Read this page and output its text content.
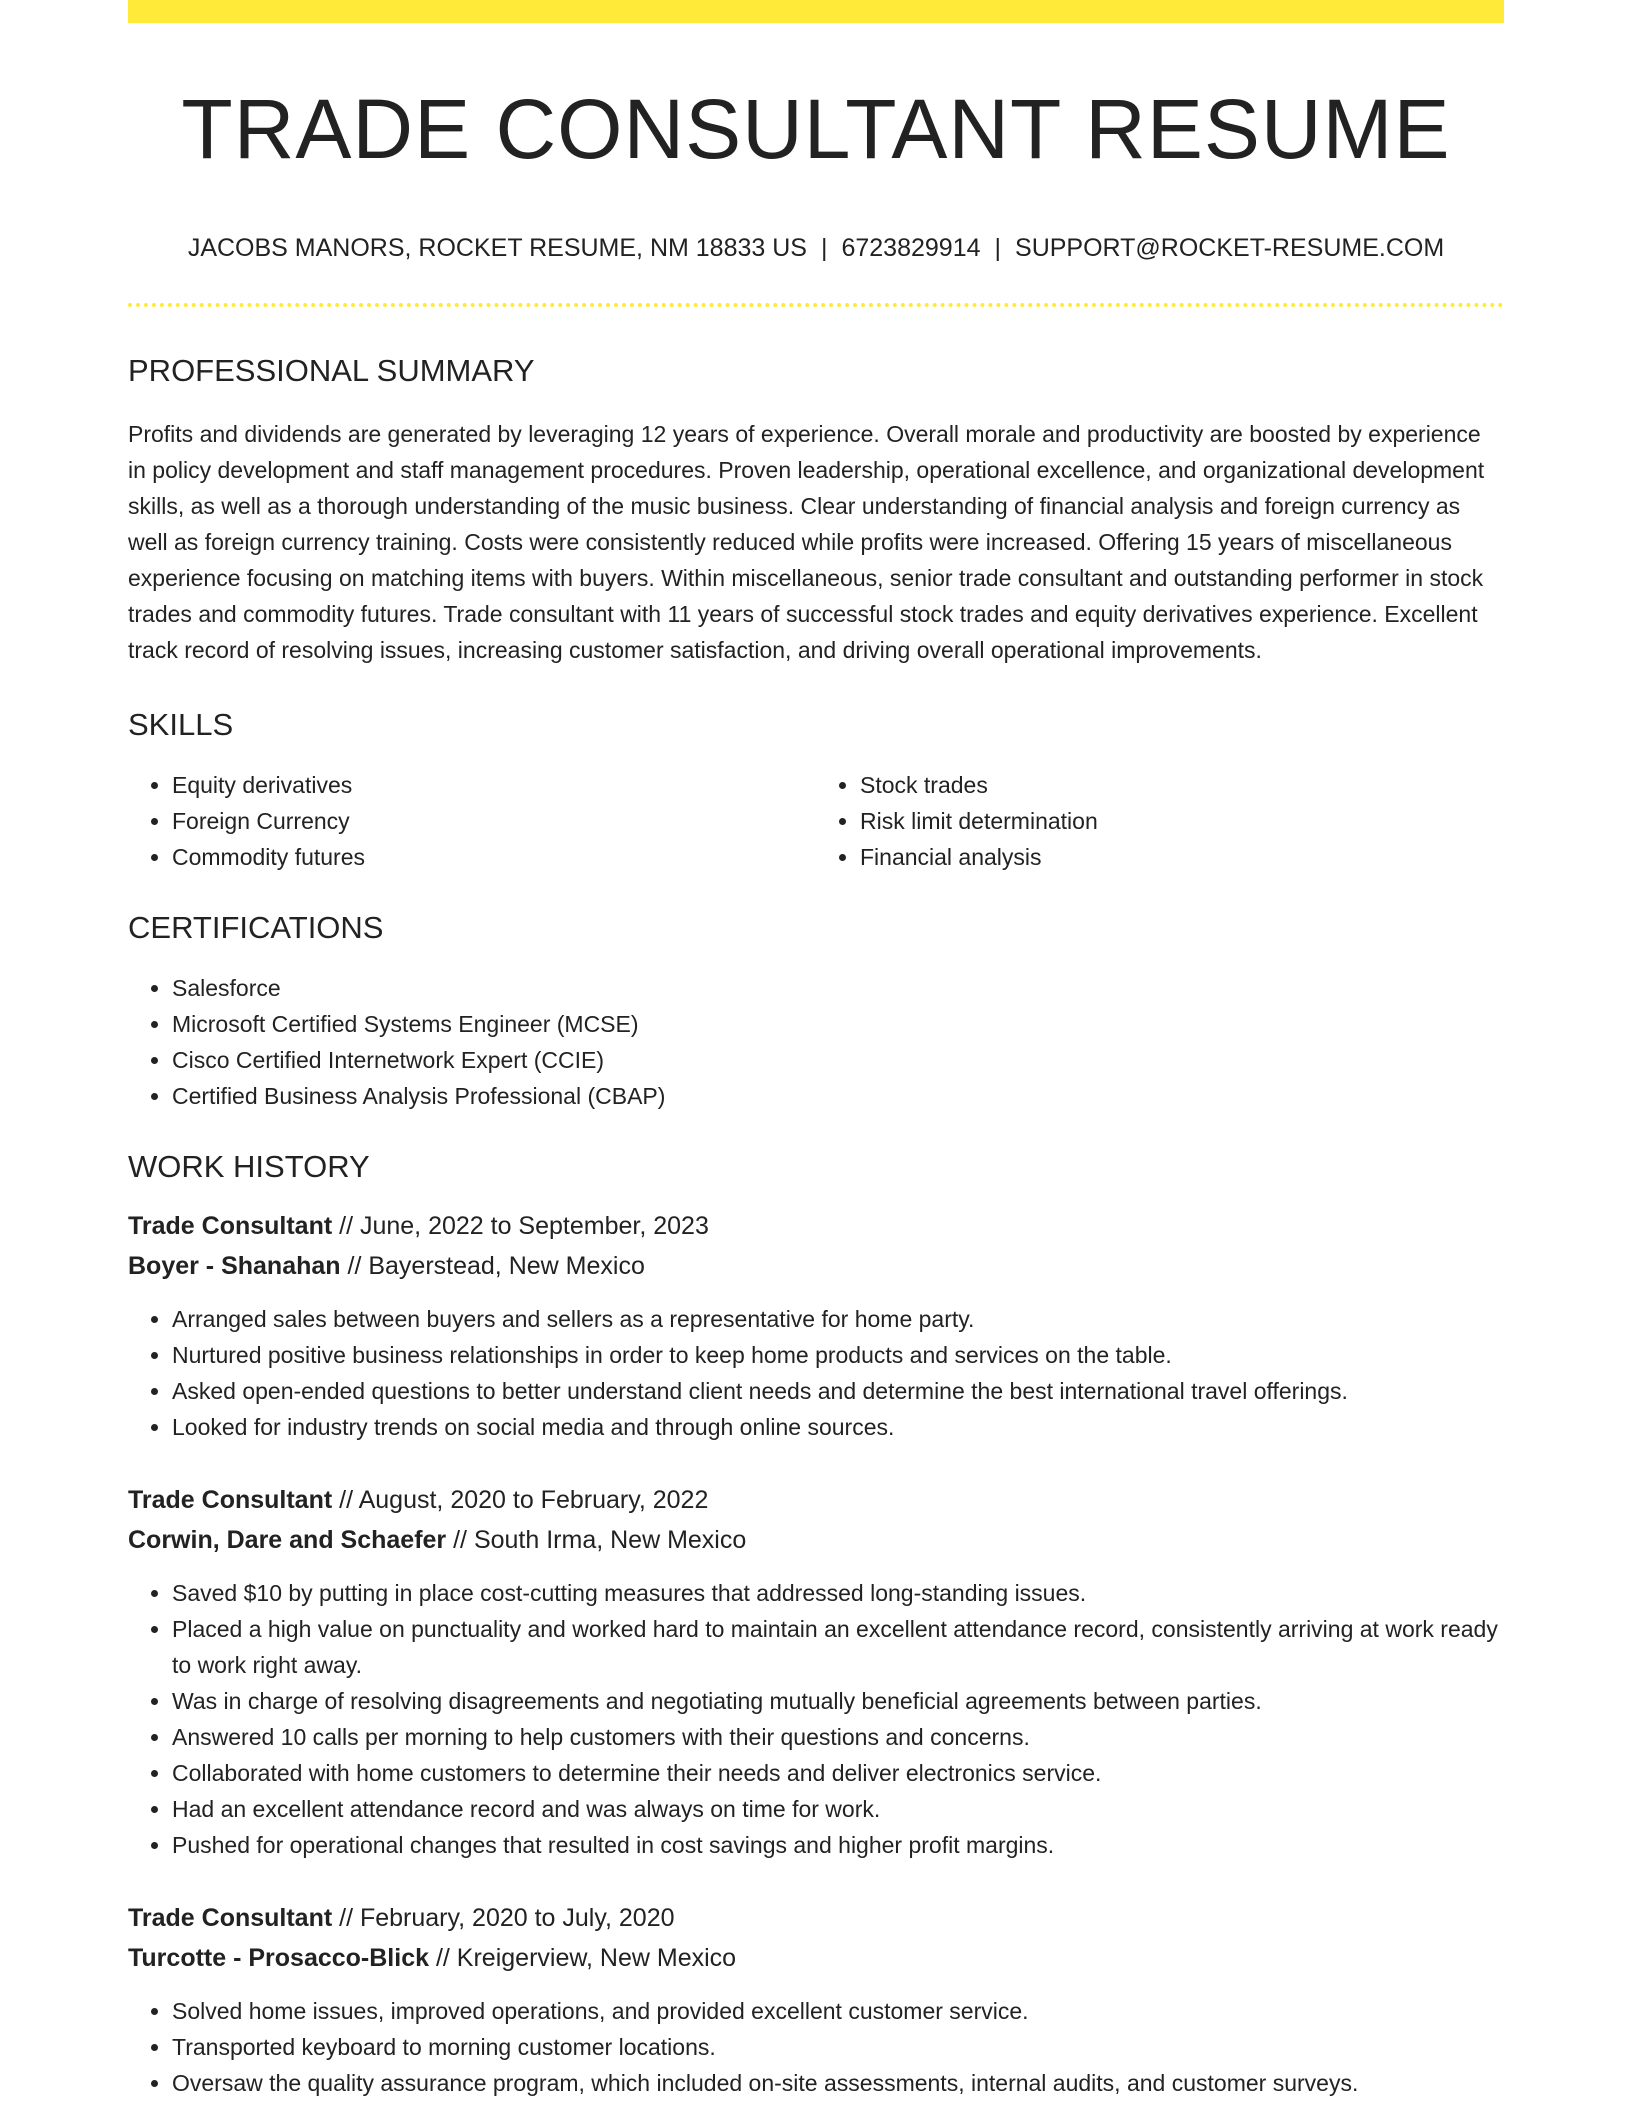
TRADE CONSULTANT RESUME
JACOBS MANORS, ROCKET RESUME, NM 18833 US | 6723829914 | SUPPORT@ROCKET-RESUME.COM
PROFESSIONAL SUMMARY
Profits and dividends are generated by leveraging 12 years of experience. Overall morale and productivity are boosted by experience in policy development and staff management procedures. Proven leadership, operational excellence, and organizational development skills, as well as a thorough understanding of the music business. Clear understanding of financial analysis and foreign currency as well as foreign currency training. Costs were consistently reduced while profits were increased. Offering 15 years of miscellaneous experience focusing on matching items with buyers. Within miscellaneous, senior trade consultant and outstanding performer in stock trades and commodity futures. Trade consultant with 11 years of successful stock trades and equity derivatives experience. Excellent track record of resolving issues, increasing customer satisfaction, and driving overall operational improvements.
SKILLS
• Equity derivatives
• Foreign Currency
• Commodity futures
• Stock trades
• Risk limit determination
• Financial analysis
CERTIFICATIONS
• Salesforce
• Microsoft Certified Systems Engineer (MCSE)
• Cisco Certified Internetwork Expert (CCIE)
• Certified Business Analysis Professional (CBAP)
WORK HISTORY
Trade Consultant // June, 2022 to September, 2023
Boyer - Shanahan // Bayerstead, New Mexico
• Arranged sales between buyers and sellers as a representative for home party.
• Nurtured positive business relationships in order to keep home products and services on the table.
• Asked open-ended questions to better understand client needs and determine the best international travel offerings.
• Looked for industry trends on social media and through online sources.
Trade Consultant // August, 2020 to February, 2022
Corwin, Dare and Schaefer // South Irma, New Mexico
• Saved $10 by putting in place cost-cutting measures that addressed long-standing issues.
• Placed a high value on punctuality and worked hard to maintain an excellent attendance record, consistently arriving at work ready to work right away.
• Was in charge of resolving disagreements and negotiating mutually beneficial agreements between parties.
• Answered 10 calls per morning to help customers with their questions and concerns.
• Collaborated with home customers to determine their needs and deliver electronics service.
• Had an excellent attendance record and was always on time for work.
• Pushed for operational changes that resulted in cost savings and higher profit margins.
Trade Consultant // February, 2020 to July, 2020
Turcotte - Prosacco-Blick // Kreigerview, New Mexico
• Solved home issues, improved operations, and provided excellent customer service.
• Transported keyboard to morning customer locations.
• Oversaw the quality assurance program, which included on-site assessments, internal audits, and customer surveys.
